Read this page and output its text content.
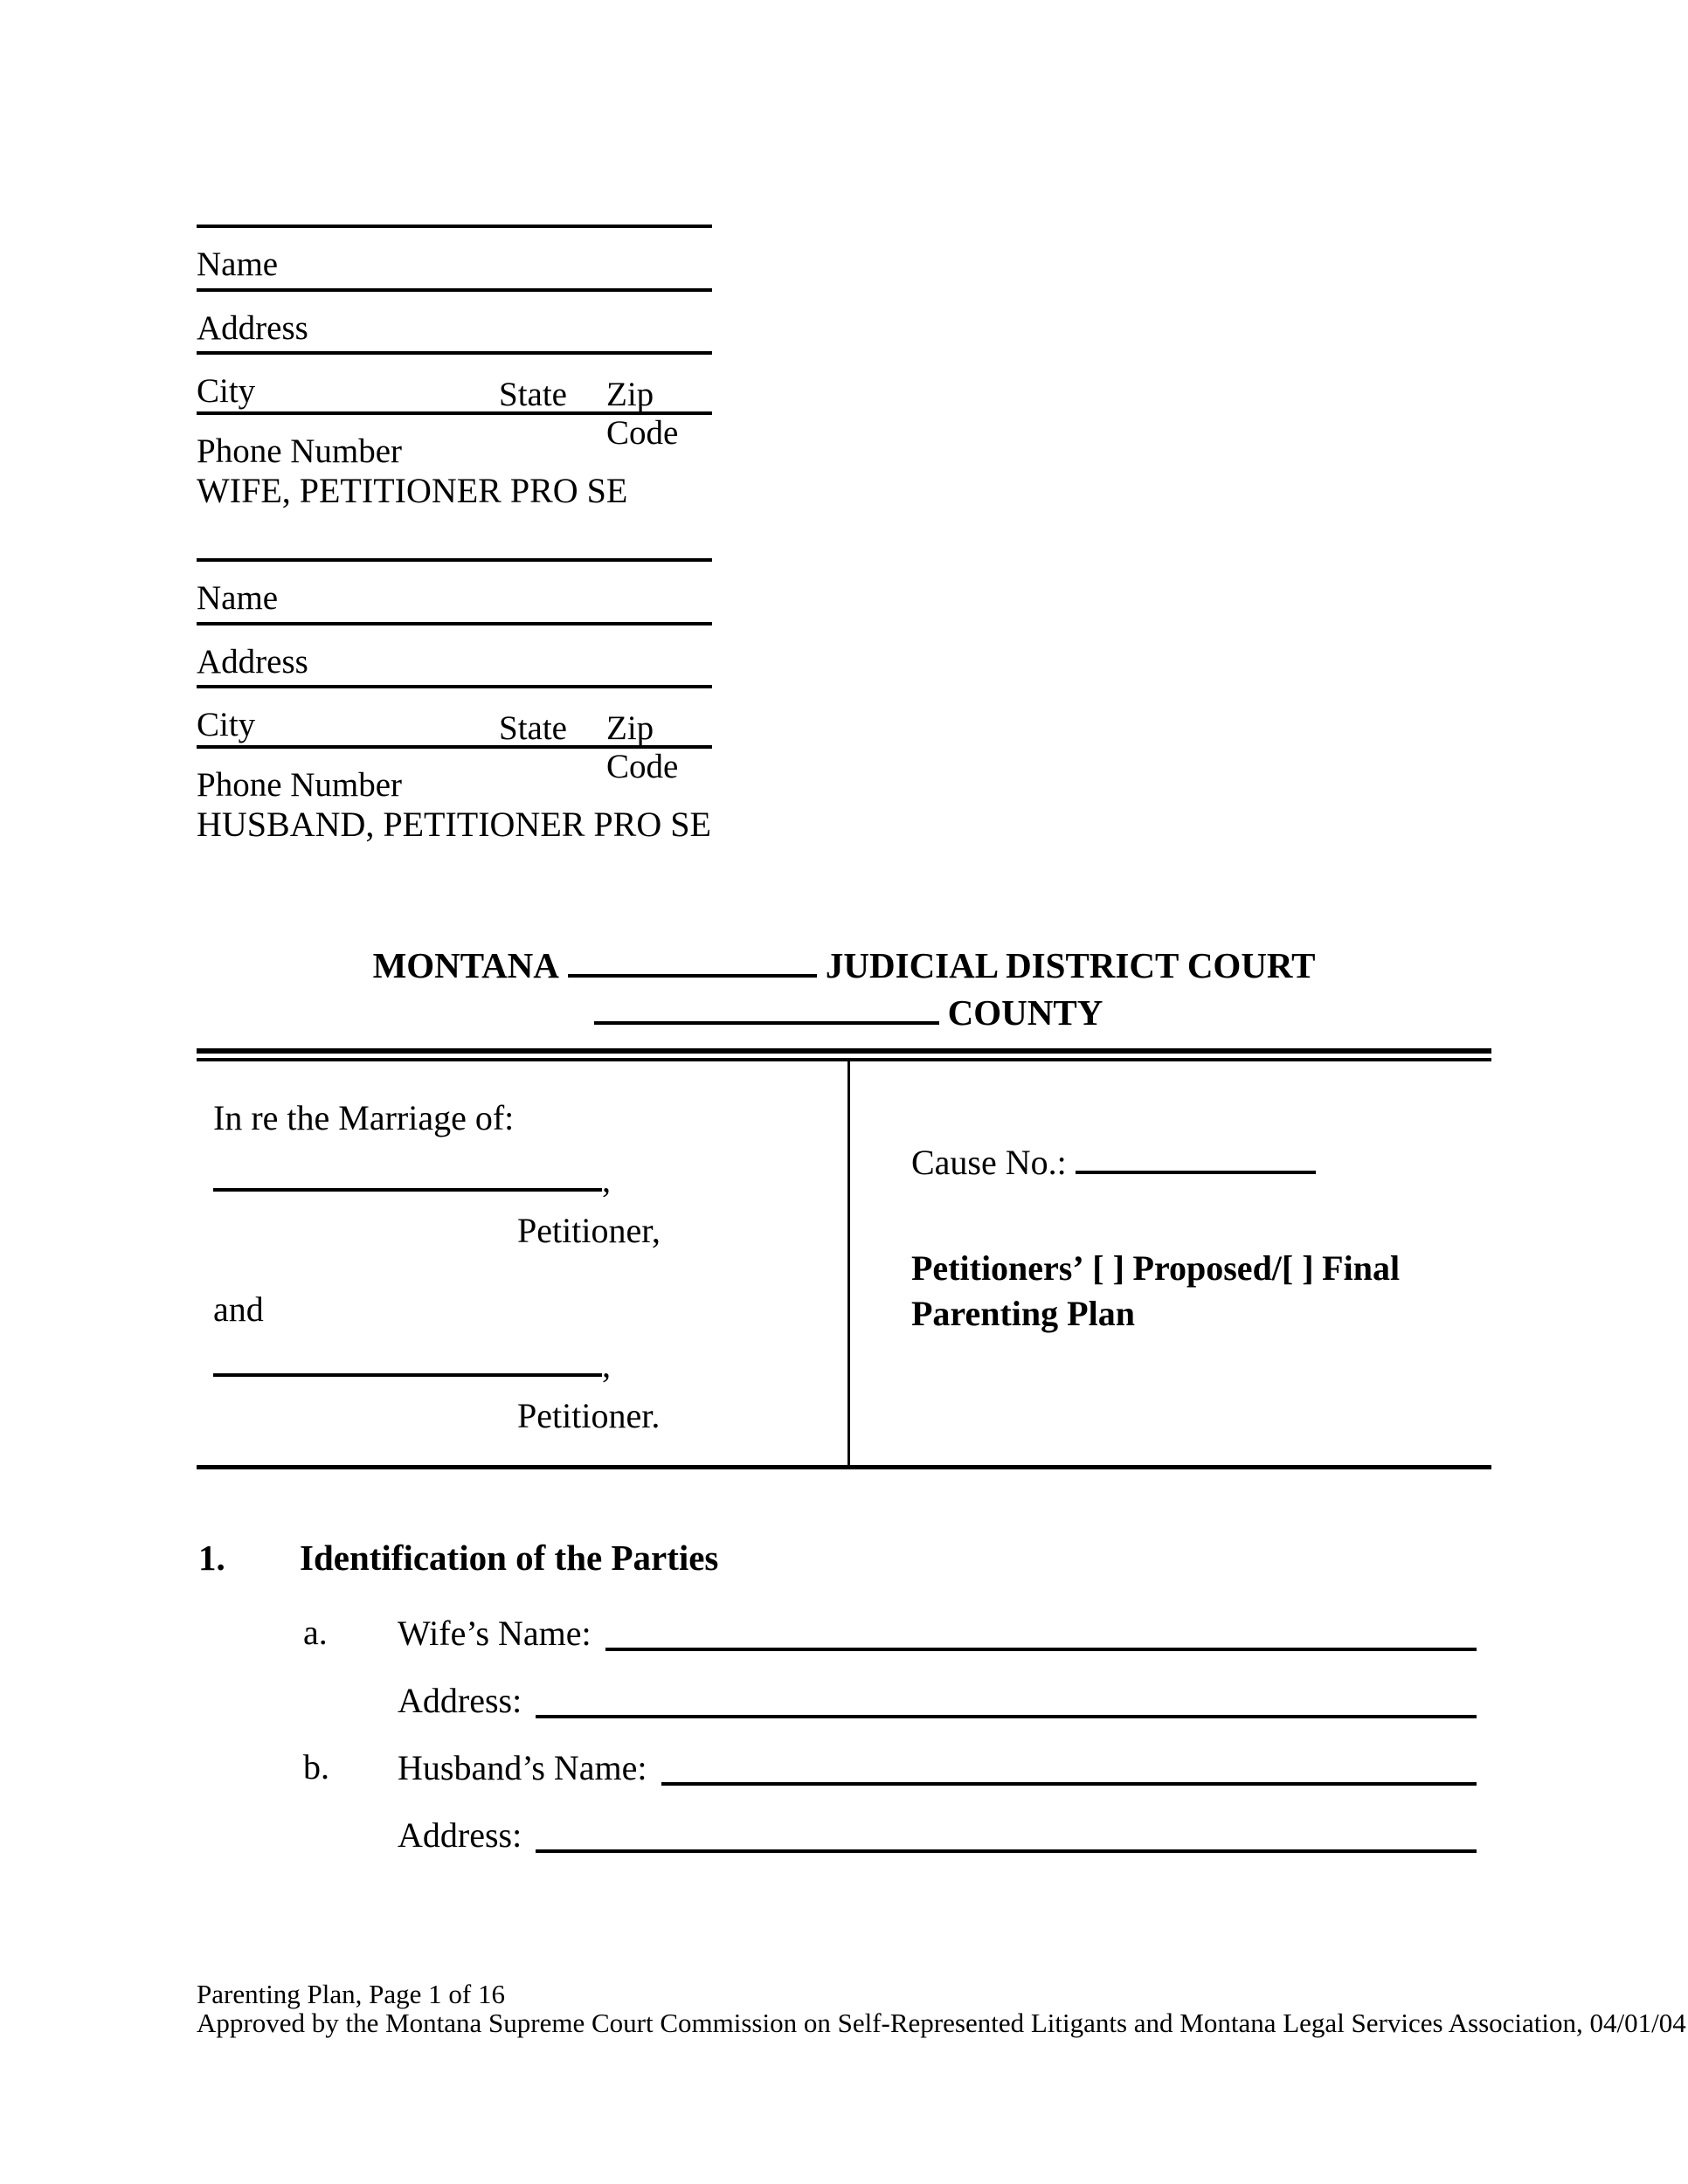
Name
Address
City	State Zip Code
Phone Number
WIFE, PETITIONER PRO SE
Name
Address
City	State Zip Code
Phone Number
HUSBAND, PETITIONER PRO SE
MONTANA	JUDICIAL DISTRICT COURT
COUNTY
In re the Marriage of:
,
Petitioner,
and
,
Petitioner.
Cause No.:
Petitioners’ [ ] Proposed/[ ] Final
Parenting Plan
1. Identification of the Parties
a. Wife’s Name:
Address:
b. Husband’s Name:
Address:
Parenting Plan, Page 1 of 16
Approved by the Montana Supreme Court Commission on Self-Represented Litigants and Montana Legal Services Association, 04/01/04
